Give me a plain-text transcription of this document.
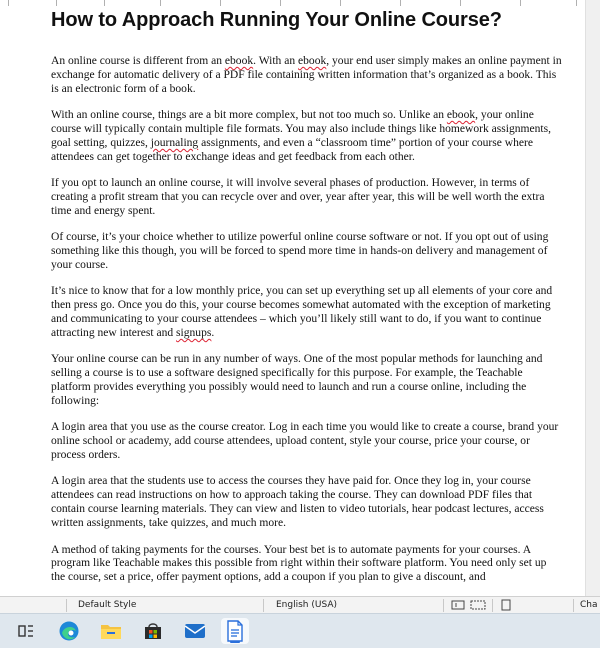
How to Approach Running Your Online Course?

An online course is different from an ebook. With an ebook, your end user simply makes an online payment in exchange for automatic delivery of a PDF file containing written information that’s organized as a book. This is an electronic form of a book.

With an online course, things are a bit more complex, but not too much so. Unlike an ebook, your online course will typically contain multiple file formats. You may also include things like homework assignments, goal setting, quizzes, journaling assignments, and even a “classroom time” portion of your course where attendees can get together to exchange ideas and get feedback from each other.

If you opt to launch an online course, it will involve several phases of production. However, in terms of creating a profit stream that you can recycle over and over, year after year, this will be well worth the extra time and energy spent.

Of course, it’s your choice whether to utilize powerful online course software or not. If you opt out of using something like this though, you will be forced to spend more time in hands-on delivery and management of your course.

It’s nice to know that for a low monthly price, you can set up everything set up all elements of your core and then press go. Once you do this, your course becomes somewhat automated with the exception of marketing and communicating to your course attendees – which you’ll likely still want to do, if you want to continue attracting new interest and signups.

Your online course can be run in any number of ways. One of the most popular methods for launching and selling a course is to use a software designed specifically for this purpose. For example, the Teachable platform provides everything you possibly would need to launch and run a course online, including the following:

A login area that you use as the course creator. Log in each time you would like to create a course, brand your online school or academy, add course attendees, upload content, style your course, price your course, or process orders.

A login area that the students use to access the courses they have paid for. Once they log in, your course attendees can read instructions on how to approach taking the course. They can download PDF files that contain course learning materials. They can view and listen to video tutorials, hear podcast lectures, access written assignments, take quizzes, and much more.

A method of taking payments for the courses. Your best bet is to automate payments for your courses. A program like Teachable makes this possible from right within their software platform. You need only set up the course, set a price, offer payment options, add a coupon if you plan to give a discount, and

Default Style	English (USA)	Cha
